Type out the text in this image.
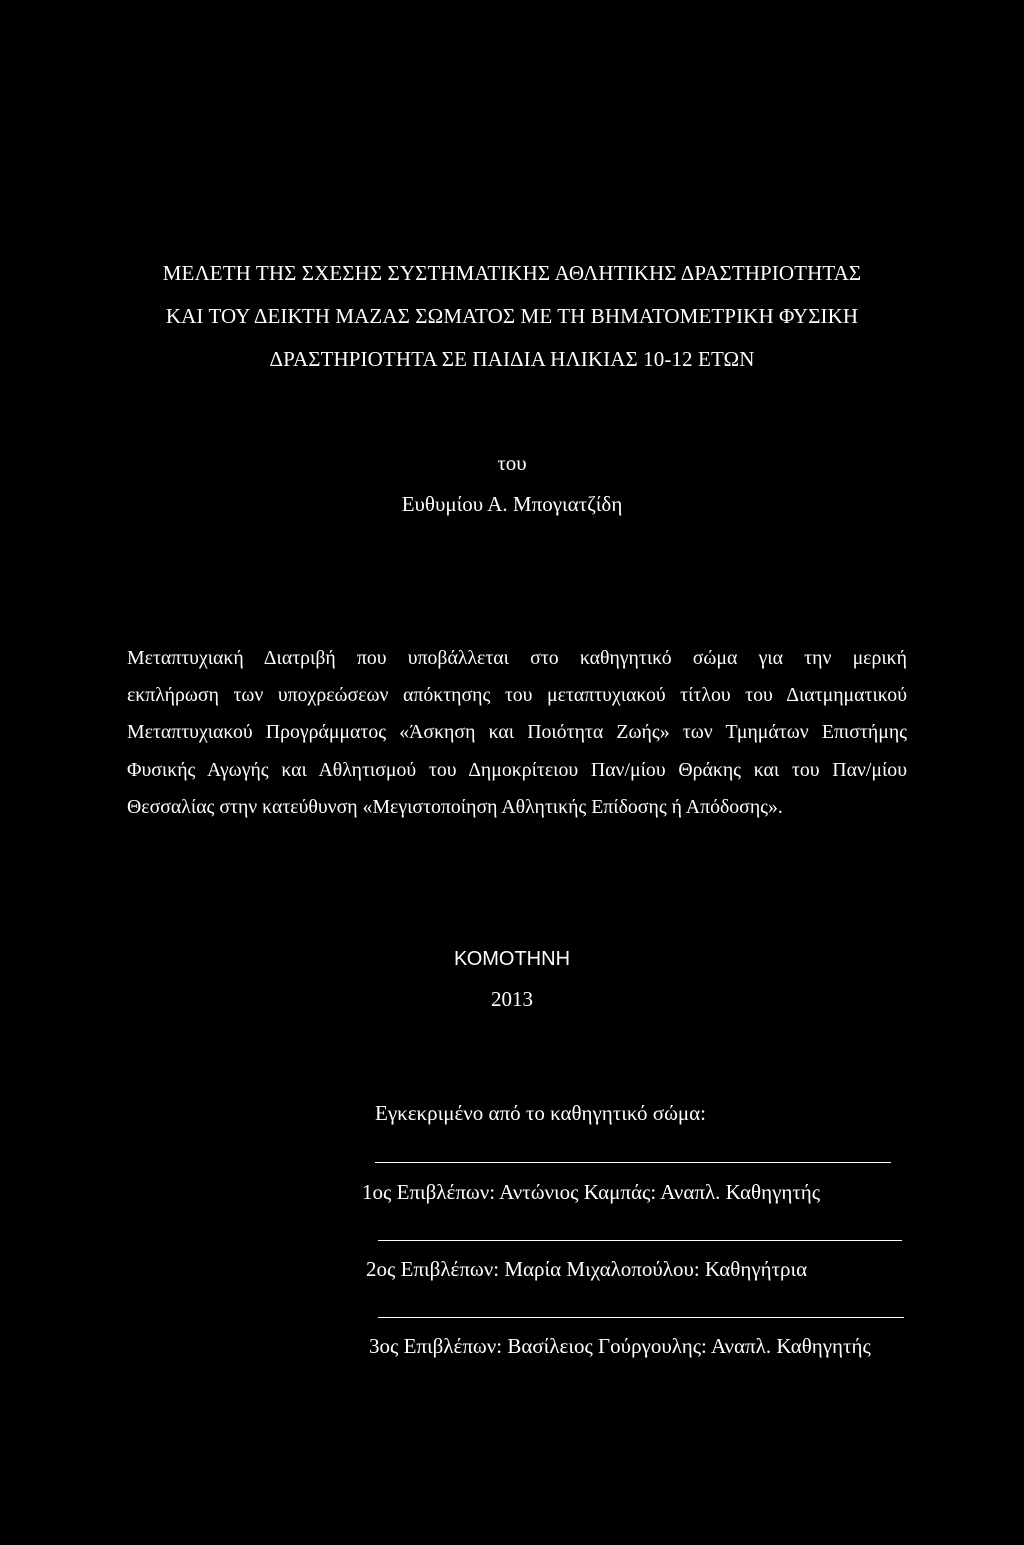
ΜΕΛΕΤΗ ΤΗΣ ΣΧΕΣΗΣ ΣΥΣΤΗΜΑΤΙΚΗΣ ΑΘΛΗΤΙΚΗΣ ΔΡΑΣΤΗΡΙΟΤΗΤΑΣ
ΚΑΙ ΤΟΥ ΔΕΙΚΤΗ ΜΑΖΑΣ ΣΩΜΑΤΟΣ ΜΕ ΤΗ ΒΗΜΑΤΟΜΕΤΡΙΚΗ ΦΥΣΙΚΗ
ΔΡΑΣΤΗΡΙΟΤΗΤΑ ΣΕ ΠΑΙΔΙΑ ΗΛΙΚΙΑΣ 10-12 ΕΤΩΝ
του
Ευθυμίου Α. Μπογιατζίδη
Μεταπτυχιακή Διατριβή που υποβάλλεται στο καθηγητικό σώμα για την μερική
εκπλήρωση των υποχρεώσεων απόκτησης του μεταπτυχιακού τίτλου του Διατμηματικού
Μεταπτυχιακού Προγράμματος «Άσκηση και Ποιότητα Ζωής» των Τμημάτων Επιστήμης
Φυσικής Αγωγής και Αθλητισμού του Δημοκρίτειου Παν/μίου Θράκης και του Παν/μίου
Θεσσαλίας στην κατεύθυνση «Μεγιστοποίηση Αθλητικής Επίδοσης ή Απόδοσης».
ΚΟΜΟΤΗΝΗ
2013
Εγκεκριμένο από το καθηγητικό σώμα:
1ος Επιβλέπων: Αντώνιος Καμπάς: Αναπλ. Καθηγητής
2ος Επιβλέπων: Μαρία Μιχαλοπούλου: Καθηγήτρια
3ος Επιβλέπων: Βασίλειος Γούργουλης: Αναπλ. Καθηγητής
